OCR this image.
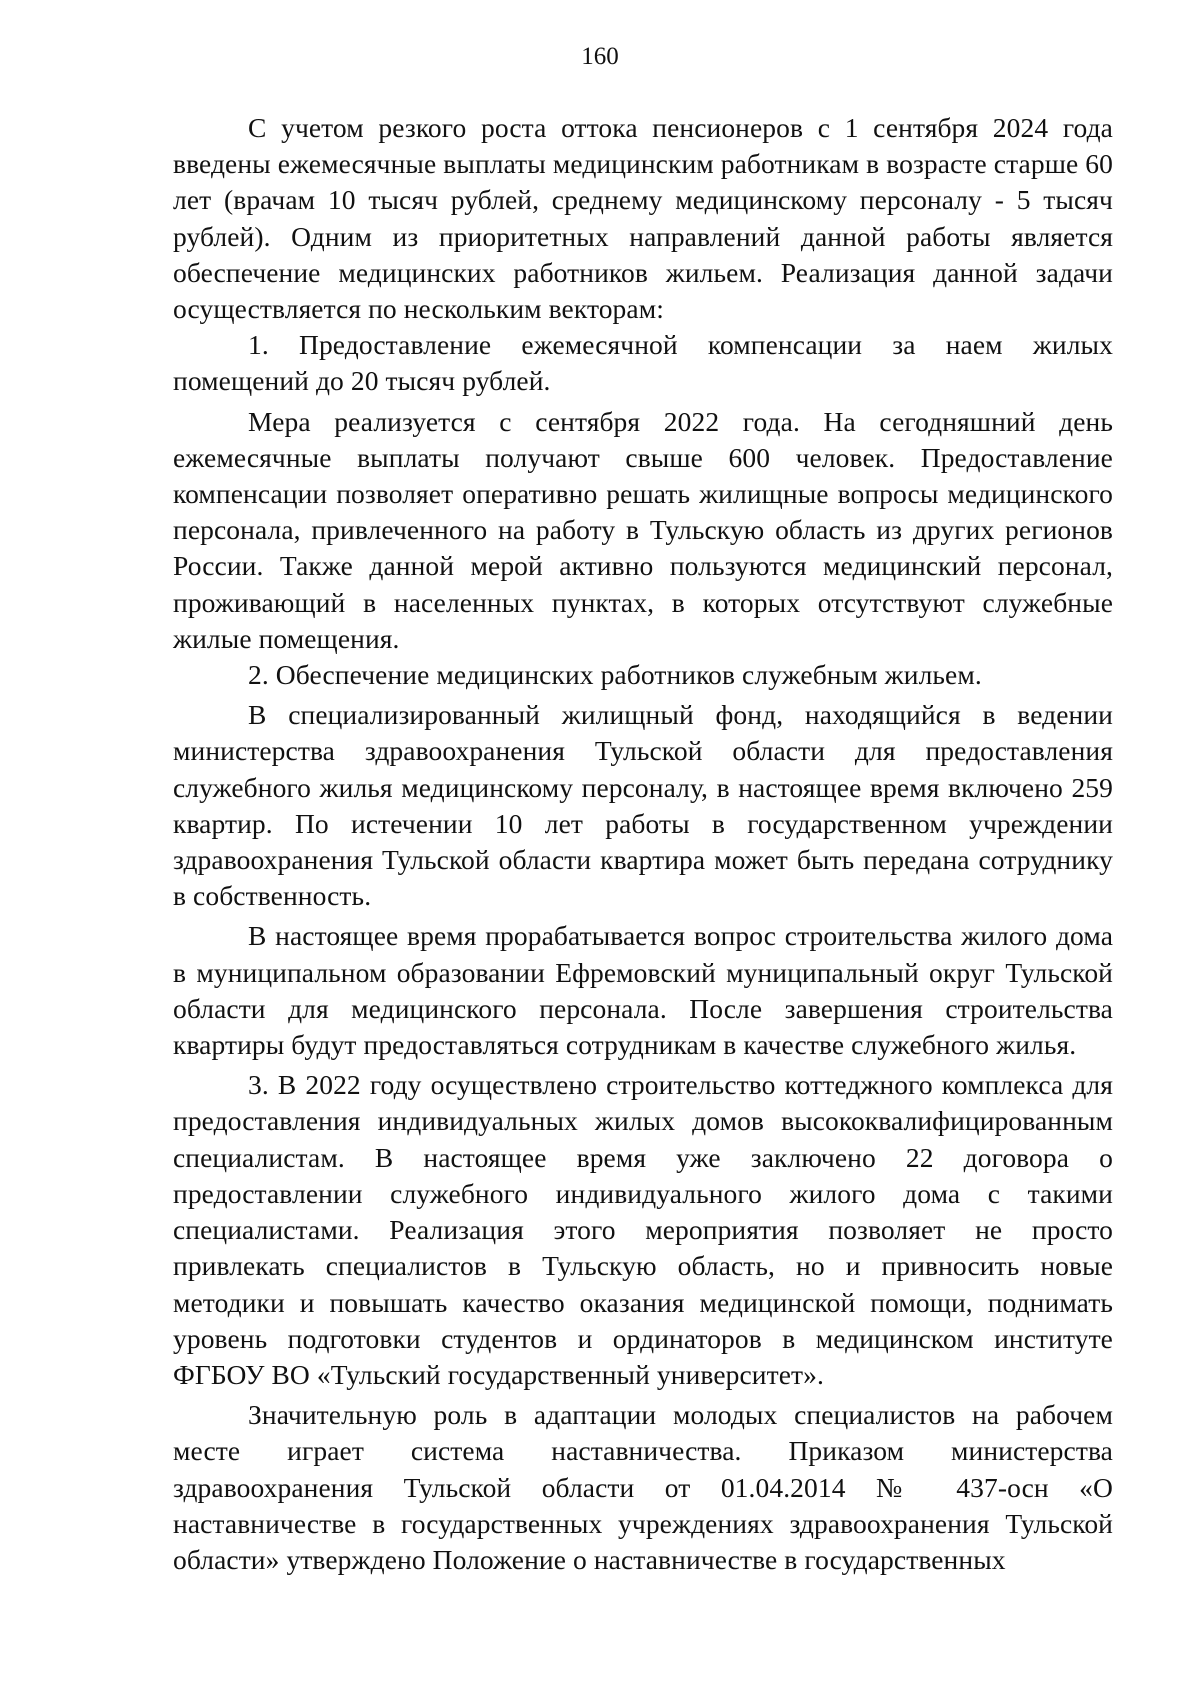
160

С учетом резкого роста оттока пенсионеров с 1 сентября 2024 года введены ежемесячные выплаты медицинским работникам в возрасте старше 60 лет (врачам 10 тысяч рублей, среднему медицинскому персоналу - 5 тысяч рублей). Одним из приоритетных направлений данной работы является обеспечение медицинских работников жильем. Реализация данной задачи осуществляется по нескольким векторам:

1. Предоставление ежемесячной компенсации за наем жилых помещений до 20 тысяч рублей.

Мера реализуется с сентября 2022 года. На сегодняшний день ежемесячные выплаты получают свыше 600 человек. Предоставление компенсации позволяет оперативно решать жилищные вопросы медицинского персонала, привлеченного на работу в Тульскую область из других регионов России. Также данной мерой активно пользуются медицинский персонал, проживающий в населенных пунктах, в которых отсутствуют служебные жилые помещения.

2. Обеспечение медицинских работников служебным жильем.

В специализированный жилищный фонд, находящийся в ведении министерства здравоохранения Тульской области для предоставления служебного жилья медицинскому персоналу, в настоящее время включено 259 квартир. По истечении 10 лет работы в государственном учреждении здравоохранения Тульской области квартира может быть передана сотруднику в собственность.

В настоящее время прорабатывается вопрос строительства жилого дома в муниципальном образовании Ефремовский муниципальный округ Тульской области для медицинского персонала. После завершения строительства квартиры будут предоставляться сотрудникам в качестве служебного жилья.

3. В 2022 году осуществлено строительство коттеджного комплекса для предоставления индивидуальных жилых домов высококвалифицированным специалистам. В настоящее время уже заключено 22 договора о предоставлении служебного индивидуального жилого дома с такими специалистами. Реализация этого мероприятия позволяет не просто привлекать специалистов в Тульскую область, но и привносить новые методики и повышать качество оказания медицинской помощи, поднимать уровень подготовки студентов и ординаторов в медицинском институте ФГБОУ ВО «Тульский государственный университет».

Значительную роль в адаптации молодых специалистов на рабочем месте играет система наставничества. Приказом министерства здравоохранения Тульской области от 01.04.2014 № 437-осн «О наставничестве в государственных учреждениях здравоохранения Тульской области» утверждено Положение о наставничестве в государственных
